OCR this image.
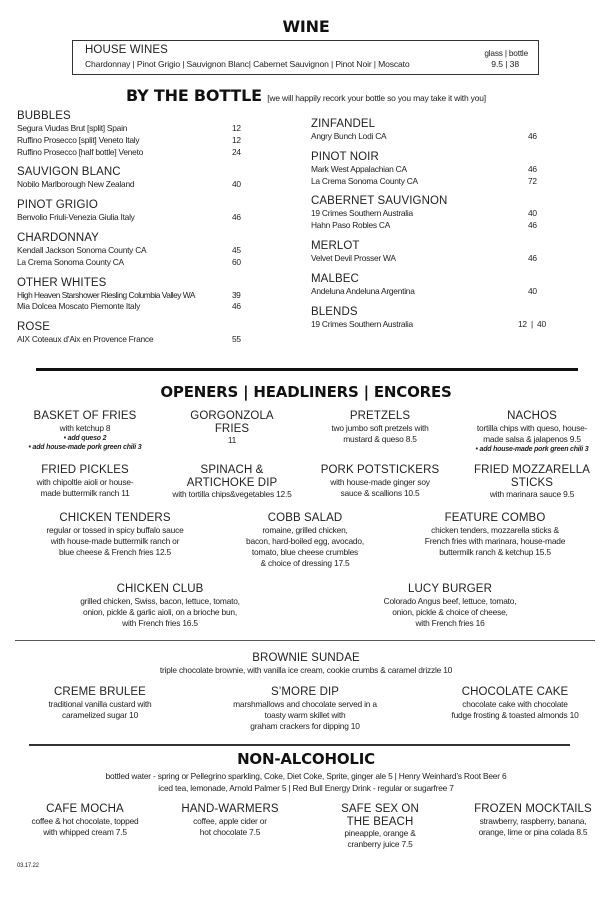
WINE
HOUSE WINES
Chardonnay | Pinot Grigio | Sauvignon Blanc| Cabernet Sauvignon | Pinot Noir | Moscato
glass | bottle
9.5 | 38
BY THE BOTTLE [we will happily recork your bottle so you may take it with you]
BUBBLES
Segura Viudas Brut [split] Spain	12
Ruffino Prosecco [split] Veneto Italy	12
Ruffino Prosecco [half bottle] Veneto	24
SAUVIGON BLANC
Nobilo Marlborough New Zealand	40
PINOT GRIGIO
Benvolio Friuli-Venezia Giulia Italy	46
CHARDONNAY
Kendall Jackson Sonoma County CA	45
La Crema Sonoma County CA	60
OTHER WHITES
High Heaven Starshower Riesling Columbia Valley WA	39
Mia Dolcea Moscato Piemonte Italy	46
ROSE
AIX Coteaux d’Aix en Provence France	55
ZINFANDEL
Angry Bunch Lodi CA	46
PINOT NOIR
Mark West Appalachian CA	46
La Crema Sonoma County CA	72
CABERNET SAUVIGNON
19 Crimes Southern Australia	40
Hahn Paso Robles CA	46
MERLOT
Velvet Devil Prosser WA	46
MALBEC
Andeluna Andeluna Argentina	40
BLENDS
19 Crimes Southern Australia	12  |  40
OPENERS | HEADLINERS | ENCORES
BASKET OF FRIES
with ketchup 8
• add queso 2
• add house-made pork green chili 3
GORGONZOLA
FRIES
11
PRETZELS
two jumbo soft pretzels with
mustard & queso 8.5
NACHOS
tortilla chips with queso, house-
made salsa & jalapenos 9.5
• add house-made pork green chili 3
FRIED PICKLES
with chipoltle aioli or house-
made buttermilk ranch 11
SPINACH &
ARTICHOKE DIP
with tortilla chips&vegetables 12.5
PORK POTSTICKERS
with house-made ginger soy
sauce & scallions 10.5
FRIED MOZZARELLA
STICKS
with marinara sauce 9.5
CHICKEN TENDERS
regular or tossed in spicy buffalo sauce
with house-made buttermilk ranch or
blue cheese & French fries 12.5
COBB SALAD
romaine, grilled chicken,
bacon, hard-boiled egg, avocado,
tomato, blue cheese crumbles
& choice of dressing 17.5
FEATURE COMBO
chicken tenders, mozzarella sticks &
French fries with marinara, house-made
buttermilk ranch & ketchup 15.5
CHICKEN CLUB
grilled chicken, Swiss, bacon, lettuce, tomato,
onion, pickle & garlic aioli, on a brioche bun,
with French fries 16.5
LUCY BURGER
Colorado Angus beef, lettuce, tomato,
onion, pickle & choice of cheese,
with French fries 16
BROWNIE SUNDAE
triple chocolate brownie, with vanilla ice cream, cookie crumbs & caramel drizzle 10
CREME BRULEE
traditional vanilla custard with
caramelized sugar 10
S’MORE DIP
marshmallows and chocolate served in a
toasty warm skillet with
graham crackers for dipping 10
CHOCOLATE CAKE
chocolate cake with chocolate
fudge frosting & toasted almonds 10
NON-ALCOHOLIC
bottled water - spring or Pellegrino sparkling, Coke, Diet Coke, Sprite, ginger ale 5 | Henry Weinhard’s Root Beer 6
iced tea, lemonade, Arnold Palmer 5 | Red Bull Energy Drink - regular or sugarfree 7
CAFE MOCHA
coffee & hot chocolate, topped
with whipped cream 7.5
HAND-WARMERS
coffee, apple cider or
hot chocolate 7.5
SAFE SEX ON
THE BEACH
pineapple, orange &
cranberry juice 7.5
FROZEN MOCKTAILS
strawberry, raspberry, banana,
orange, lime or pina colada 8.5
03.17.22
